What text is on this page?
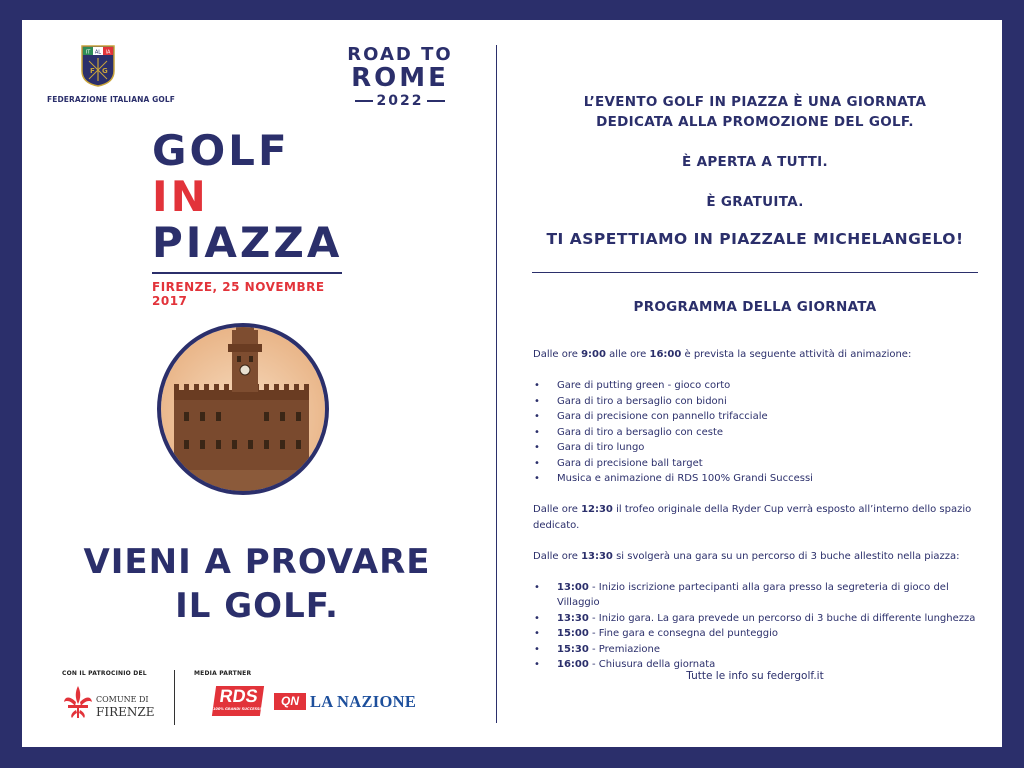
IT AL IA
F G
FEDERAZIONE ITALIANA GOLF
ROAD TO
ROME
2022
GOLF IN
PIAZZA
FIRENZE, 25 NOVEMBRE 2017
VIENI A PROVARE
IL GOLF.
CON IL PATROCINIO DEL	MEDIA PARTNER
COMUNE DI
FIRENZE
RDS
100% GRANDI SUCCESSI
QN LA NAZIONE

L’EVENTO GOLF IN PIAZZA È UNA GIORNATA

DEDICATA ALLA PROMOZIONE DEL GOLF.

È APERTA A TUTTI.

È GRATUITA.

TI ASPETTIAMO IN PIAZZALE MICHELANGELO!
PROGRAMMA DELLA GIORNATA

Dalle ore 9:00 alle ore 16:00 è prevista la seguente attività di animazione:

• Gare di putting green - gioco corto
• Gara di tiro a bersaglio con bidoni
• Gara di precisione con pannello trifacciale
• Gara di tiro a bersaglio con ceste
• Gara di tiro lungo
• Gara di precisione ball target
• Musica e animazione di RDS 100% Grandi Successi

Dalle ore 12:30 il trofeo originale della Ryder Cup verrà esposto all’interno dello spazio dedicato.

Dalle ore 13:30 si svolgerà una gara su un percorso di 3 buche allestito nella piazza:

• 13:00 - Inizio iscrizione partecipanti alla gara presso la segreteria di gioco del Villaggio
• 13:30 - Inizio gara. La gara prevede un percorso di 3 buche di differente lunghezza
• 15:00 - Fine gara e consegna del punteggio
• 15:30 - Premiazione
• 16:00 - Chiusura della giornata
Tutte le info su federgolf.it
